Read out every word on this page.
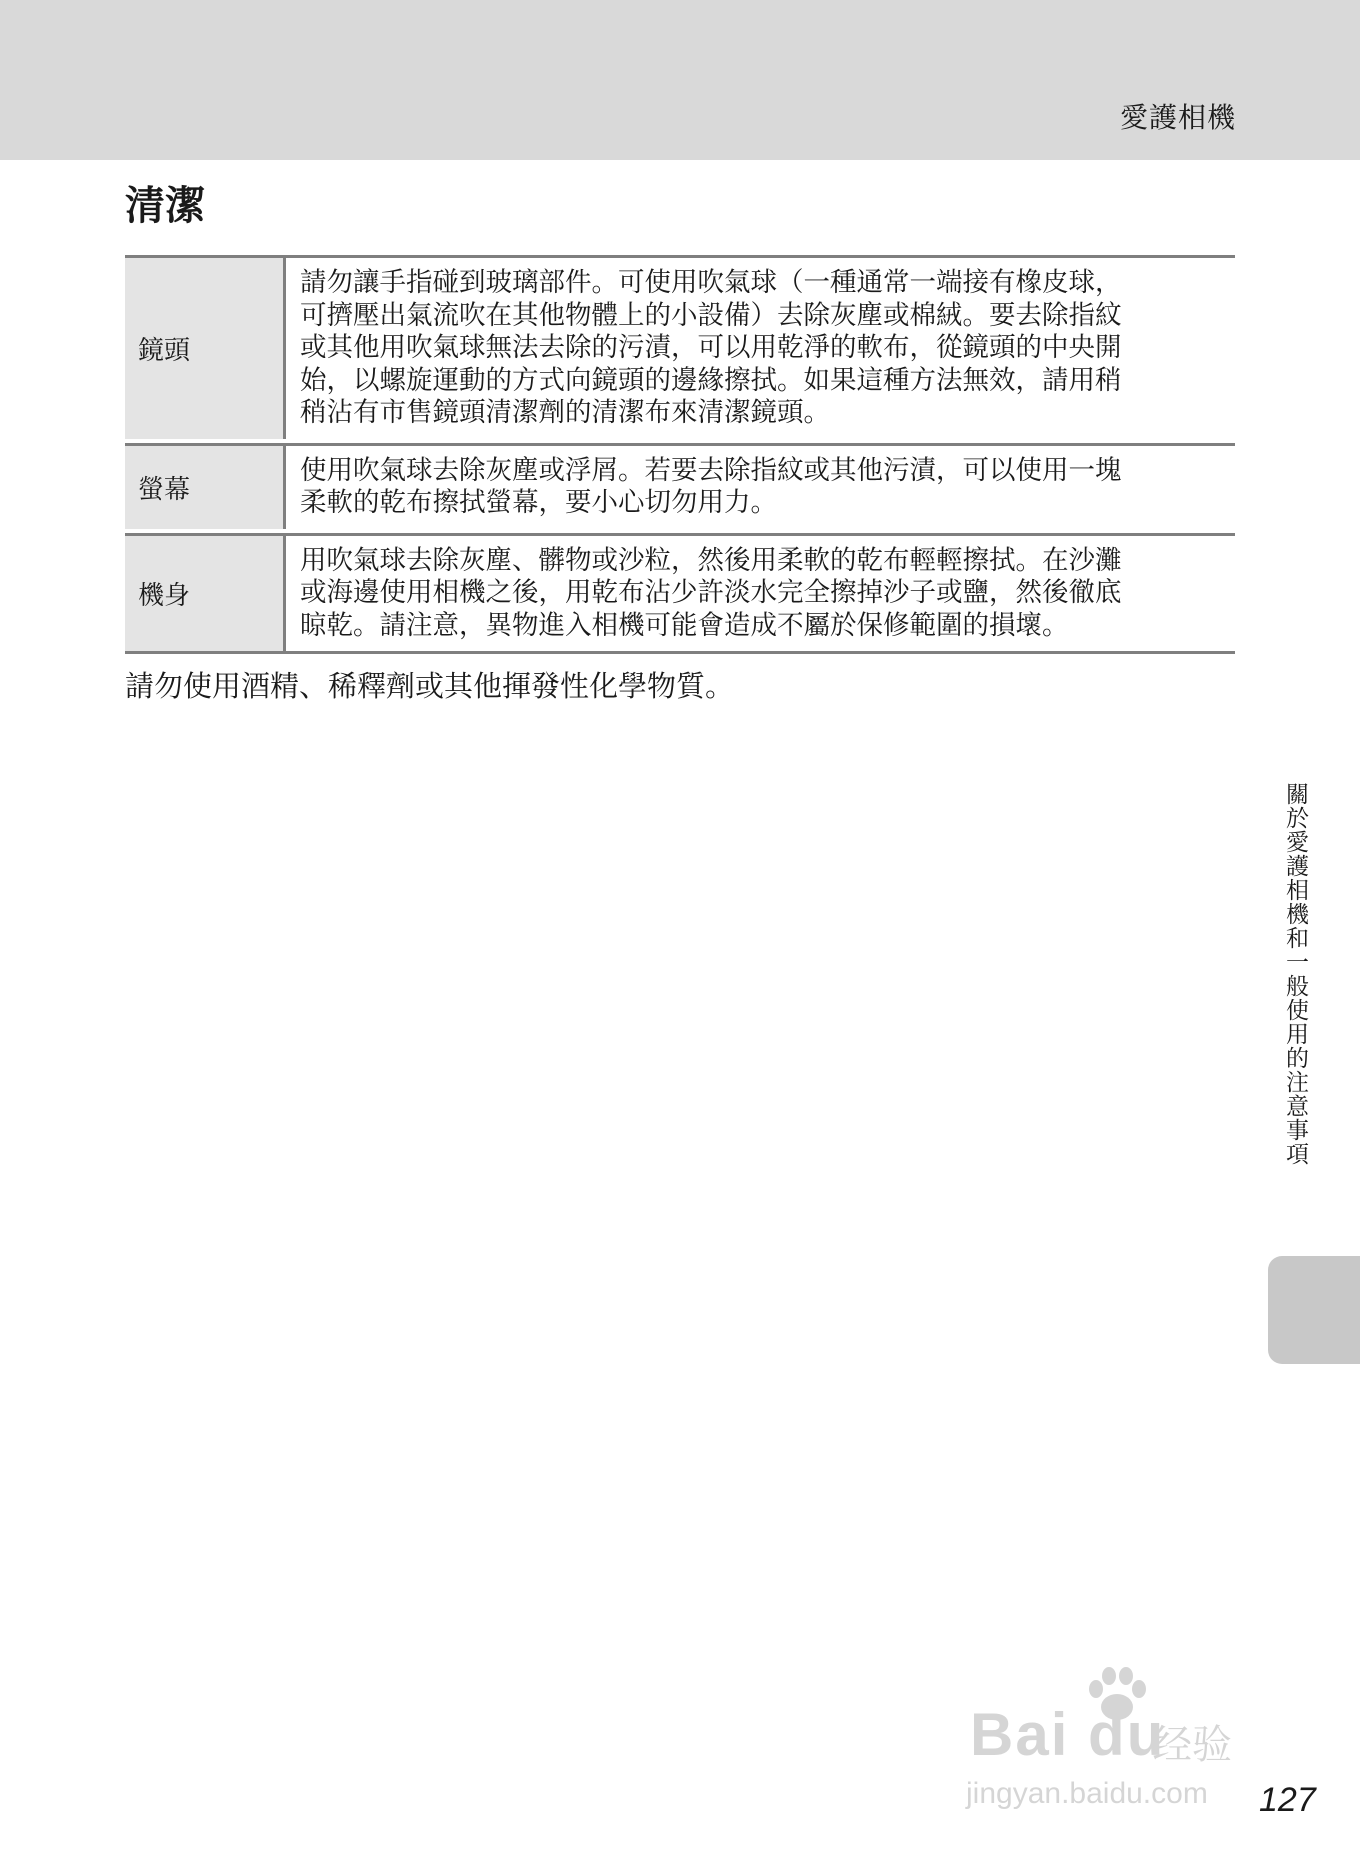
愛護相機
清潔
鏡頭	請勿讓手指碰到玻璃部件。可使用吹氣球（一種通常一端接有橡皮球，
可擠壓出氣流吹在其他物體上的小設備）去除灰塵或棉絨。要去除指紋
或其他用吹氣球無法去除的污漬，可以用乾淨的軟布，從鏡頭的中央開
始，以螺旋運動的方式向鏡頭的邊緣擦拭。如果這種方法無效，請用稍
稍沾有市售鏡頭清潔劑的清潔布來清潔鏡頭。

螢幕	使用吹氣球去除灰塵或浮屑。若要去除指紋或其他污漬，可以使用一塊
柔軟的乾布擦拭螢幕，要小心切勿用力。

機身	用吹氣球去除灰塵、髒物或沙粒，然後用柔軟的乾布輕輕擦拭。在沙灘
或海邊使用相機之後，用乾布沾少許淡水完全擦掉沙子或鹽，然後徹底
晾乾。請注意，異物進入相機可能會造成不屬於保修範圍的損壞。
請勿使用酒精、稀釋劑或其他揮發性化學物質。
關於愛護相機和一般使用的注意事項
Bai du
经验
jingyan.baidu.com 127
